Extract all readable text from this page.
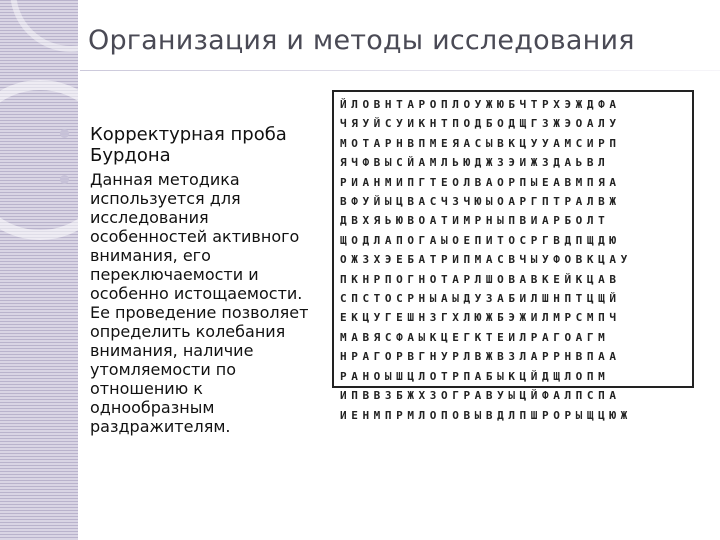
Организация и методы исследования
Корректурная проба Бурдона
Данная методика используется для исследования особенностей активного внимания, его переключаемости и особенно истощаемости. Ее проведение позволяет определить колебания внимания, наличие утомляемости по отношению к однообразным раздражителям.
ЙЛОВНТАРОПЛОУЖЮБЧТРХЭЖДФА
ЧЯУЙСУИКНТПОДБОДЩГЗЖЭОАЛУ
МОТАРНВПМЕЯАСЫВКЦУУАМСИРП
ЯЧФВЫСЙАМЛЬЮДЖЗЭИЖЗДАЬВЛ
РИАНМИПГТЕОЛВАОРПЫЕАВМПЯА
ВФУЙЫЦВАСЧЗЧЮЫОАРГПТРАЛВЖ
ДВХЯЬЮВОАТИМРНЫПВИАРБОЛТ
ЩОДЛАПОГАЫОЕПИТОСРГВДПЩДЮ
ОЖЗХЭЕБАТРИПМАСВЧЫУФОВКЦАУ
ПКНРПОГНОТАРЛШОВАВКЕЙКЦАВ
СПСТОСРНЫАЫДУЗАБИЛШНПТЦЩЙ
ЕКЦУГЕШНЗГХЛЮЖБЭЖИЛМРСМПЧ
МАВЯСФАЫКЦЕГКТЕИЛРАГОАГМ
НРАГОРВГНУРЛВЖВЗЛАРРНВПАА
РАНОЫШЦЛОТРПАБЫКЦЙДЩЛОПМ
ИПВВЗБЖХЗОГРАВУЫЦЙФАЛПСПА
ИЕНМПРМЛОПОВЫВДЛПШРОРЫЩЦЮЖ
